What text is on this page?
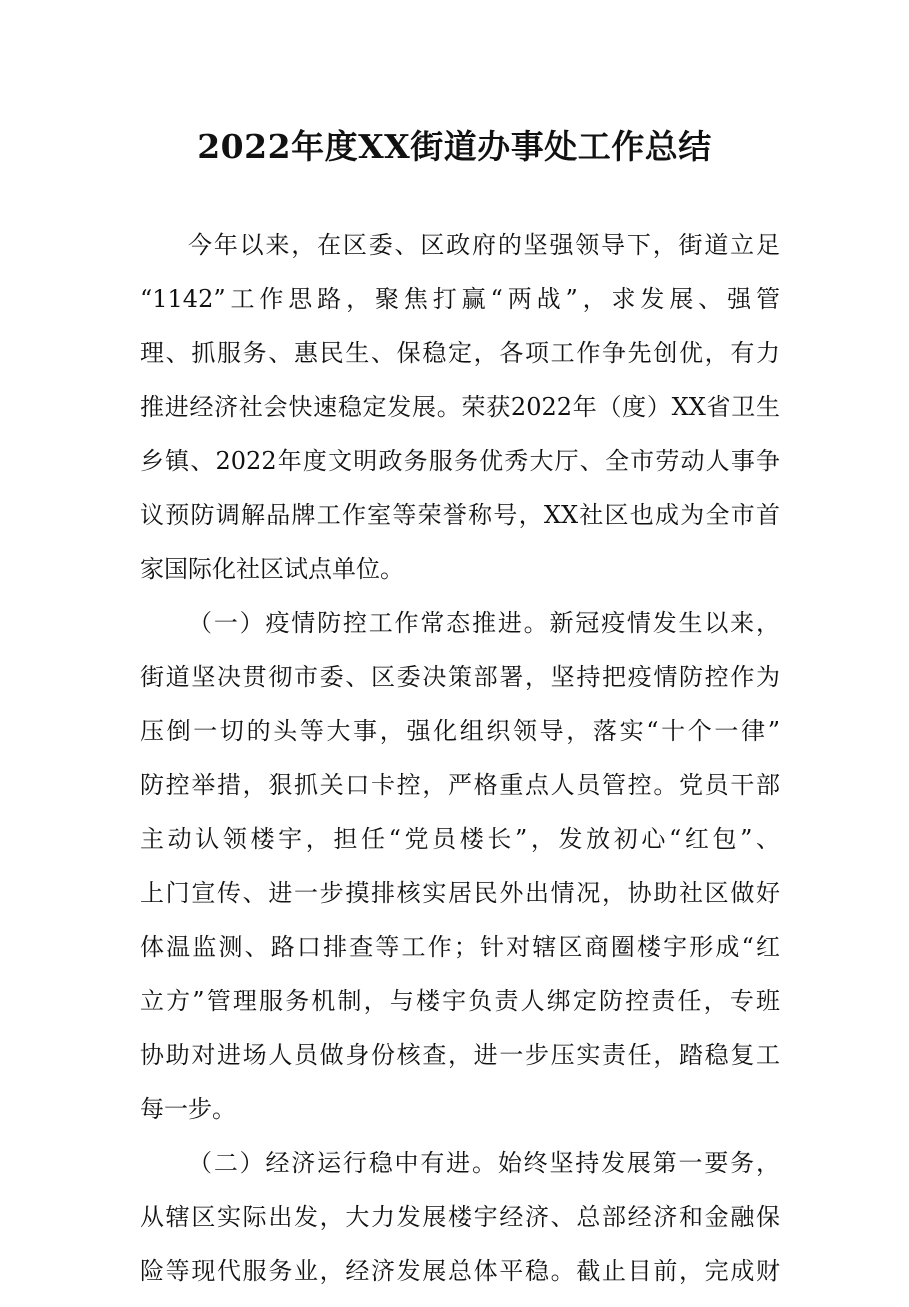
2022年度XX街道办事处工作总结
今年以来，在区委、区政府的坚强领导下，街道立足
“1142”工作思路，聚焦打赢“两战”，求发展、强管
理、抓服务、惠民生、保稳定，各项工作争先创优，有力
推进经济社会快速稳定发展。荣获2022年（度）XX省卫生
乡镇、2022年度文明政务服务优秀大厅、全市劳动人事争
议预防调解品牌工作室等荣誉称号，XX社区也成为全市首
家国际化社区试点单位。
（一）疫情防控工作常态推进。新冠疫情发生以来，
街道坚决贯彻市委、区委决策部署，坚持把疫情防控作为
压倒一切的头等大事，强化组织领导，落实“十个一律”
防控举措，狠抓关口卡控，严格重点人员管控。党员干部
主动认领楼宇，担任“党员楼长”，发放初心“红包”、
上门宣传、进一步摸排核实居民外出情况，协助社区做好
体温监测、路口排查等工作；针对辖区商圈楼宇形成“红
立方”管理服务机制，与楼宇负责人绑定防控责任，专班
协助对进场人员做身份核查，进一步压实责任，踏稳复工
每一步。
（二）经济运行稳中有进。始终坚持发展第一要务，
从辖区实际出发，大力发展楼宇经济、总部经济和金融保
险等现代服务业，经济发展总体平稳。截止目前，完成财
